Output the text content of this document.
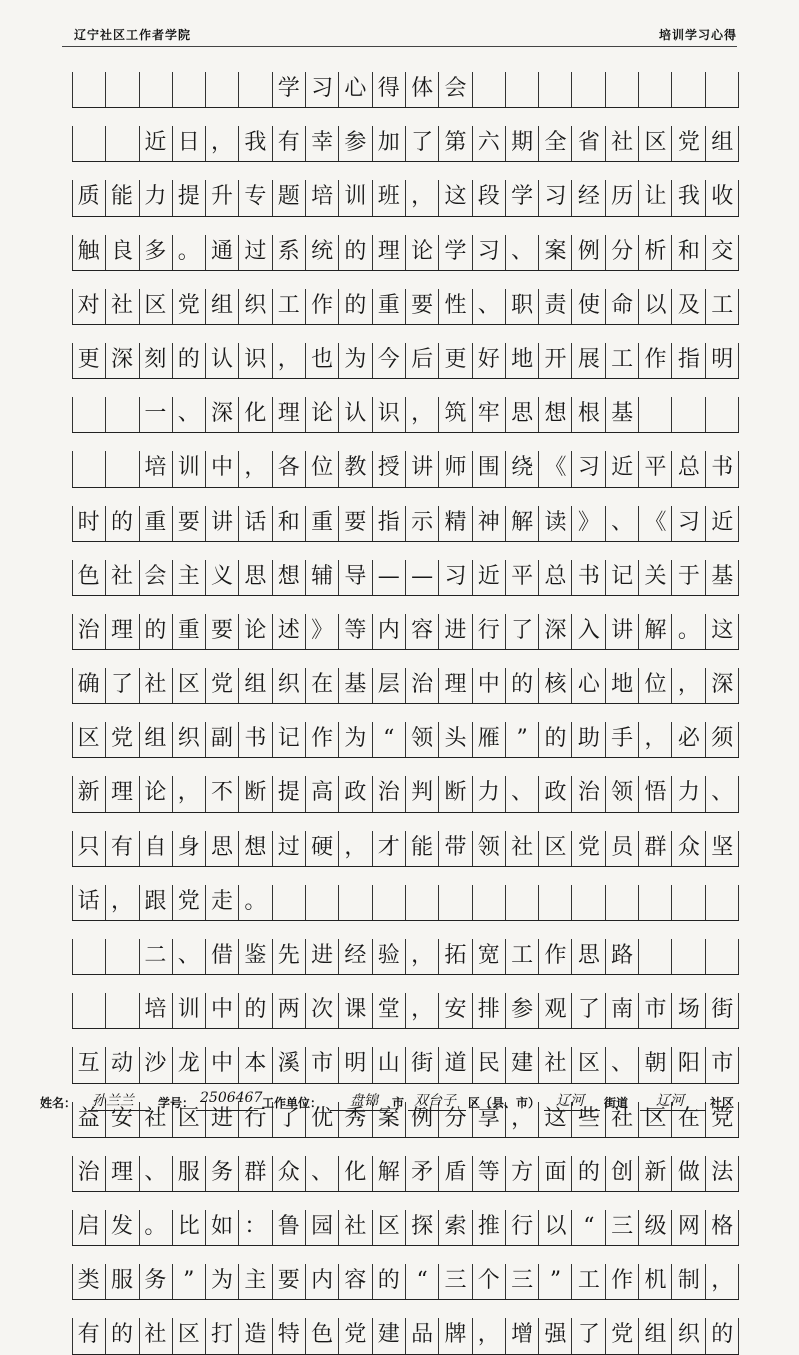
辽宁社区工作者学院	培训学习心得
学 习 心 得 体 会
近 日 ， 我 有 幸 参 加 了 第 六 期 全 省 社 区 党 组
质 能 力 提 升 专 题 培 训 班 ， 这 段 学 习 经 历 让 我 收
触 良 多 。 通 过 系 统 的 理 论 学 习 、 案 例 分 析 和 交
对 社 区 党 组 织 工 作 的 重 要 性 、 职 责 使 命 以 及 工
更 深 刻 的 认 识 ， 也 为 今 后 更 好 地 开 展 工 作 指 明
一 、 深 化 理 论 认 识 ， 筑 牢 思 想 根 基
培 训 中 ， 各 位 教 授 讲 师 围 绕 《 习 近 平 总 书
时 的 重 要 讲 话 和 重 要 指 示 精 神 解 读 》 、 《 习 近
色 社 会 主 义 思 想 辅 导 — — 习 近 平 总 书 记 关 于 基
治 理 的 重 要 论 述 》 等 内 容 进 行 了 深 入 讲 解 。 这
确 了 社 区 党 组 织 在 基 层 治 理 中 的 核 心 地 位 ， 深
区 党 组 织 副 书 记 作 为 “ 领 头 雁 ” 的 助 手 ， 必 须
新 理 论 ， 不 断 提 高 政 治 判 断 力 、 政 治 领 悟 力 、
只 有 自 身 思 想 过 硬 ， 才 能 带 领 社 区 党 员 群 众 坚
话 ， 跟 党 走 。
二 、 借 鉴 先 进 经 验 ， 拓 宽 工 作 思 路
培 训 中 的 两 次 课 堂 ， 安 排 参 观 了 南 市 场 街
互 动 沙 龙 中 本 溪 市 明 山 街 道 民 建 社 区 、 朝 阳 市
益 安 社 区 进 行 了 优 秀 案 例 分 享 ， 这 些 社 区 在 党
治 理 、 服 务 群 众 、 化 解 矛 盾 等 方 面 的 创 新 做 法
启 发 。 比 如 ： 鲁 园 社 区 探 索 推 行 以 “ 三 级 网 格
类 服 务 ” 为 主 要 内 容 的 “ 三 个 三 ” 工 作 机 制 ，
有 的 社 区 打 造 特 色 党 建 品 牌 ， 增 强 了 党 组 织 的
姓名： 孙兰兰 学号： 2506467 工作单位： 盘锦 市 双台子 区（县、市） 辽河 街道 辽河 社区
